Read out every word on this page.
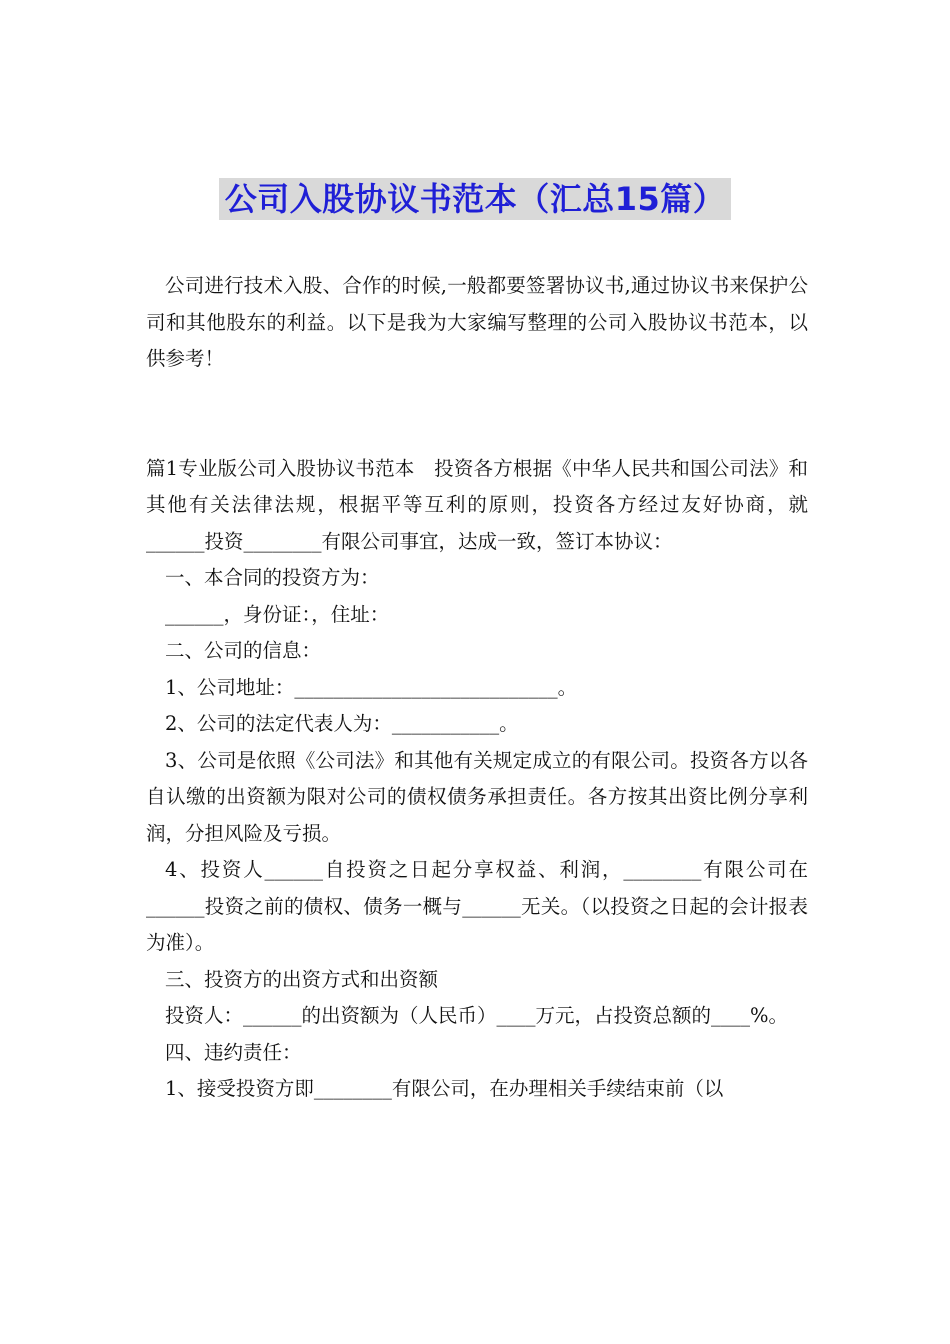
公司入股协议书范本（汇总15篇）

公司进行技术入股、合作的时候,一般都要签署协议书,通过协议书来保护公司和其他股东的利益。以下是我为大家编写整理的公司入股协议书范本，以供参考！

篇1专业版公司入股协议书范本　投资各方根据《中华人民共和国公司法》和其他有关法律法规，根据平等互利的原则，投资各方经过友好协商，就______投资________有限公司事宜，达成一致，签订本协议：

一、本合同的投资方为：

______，身份证：，住址：

二、公司的信息：

1、公司地址：___________________________。

2、公司的法定代表人为：___________。

3、公司是依照《公司法》和其他有关规定成立的有限公司。投资各方以各自认缴的出资额为限对公司的债权债务承担责任。各方按其出资比例分享利润，分担风险及亏损。

4、投资人______自投资之日起分享权益、利润，________有限公司在______投资之前的债权、债务一概与______无关。（以投资之日起的会计报表为准）。

三、投资方的出资方式和出资额

投资人：______的出资额为（人民币）____万元，占投资总额的____%。

四、违约责任：

1、接受投资方即________有限公司，在办理相关手续结束前（以
